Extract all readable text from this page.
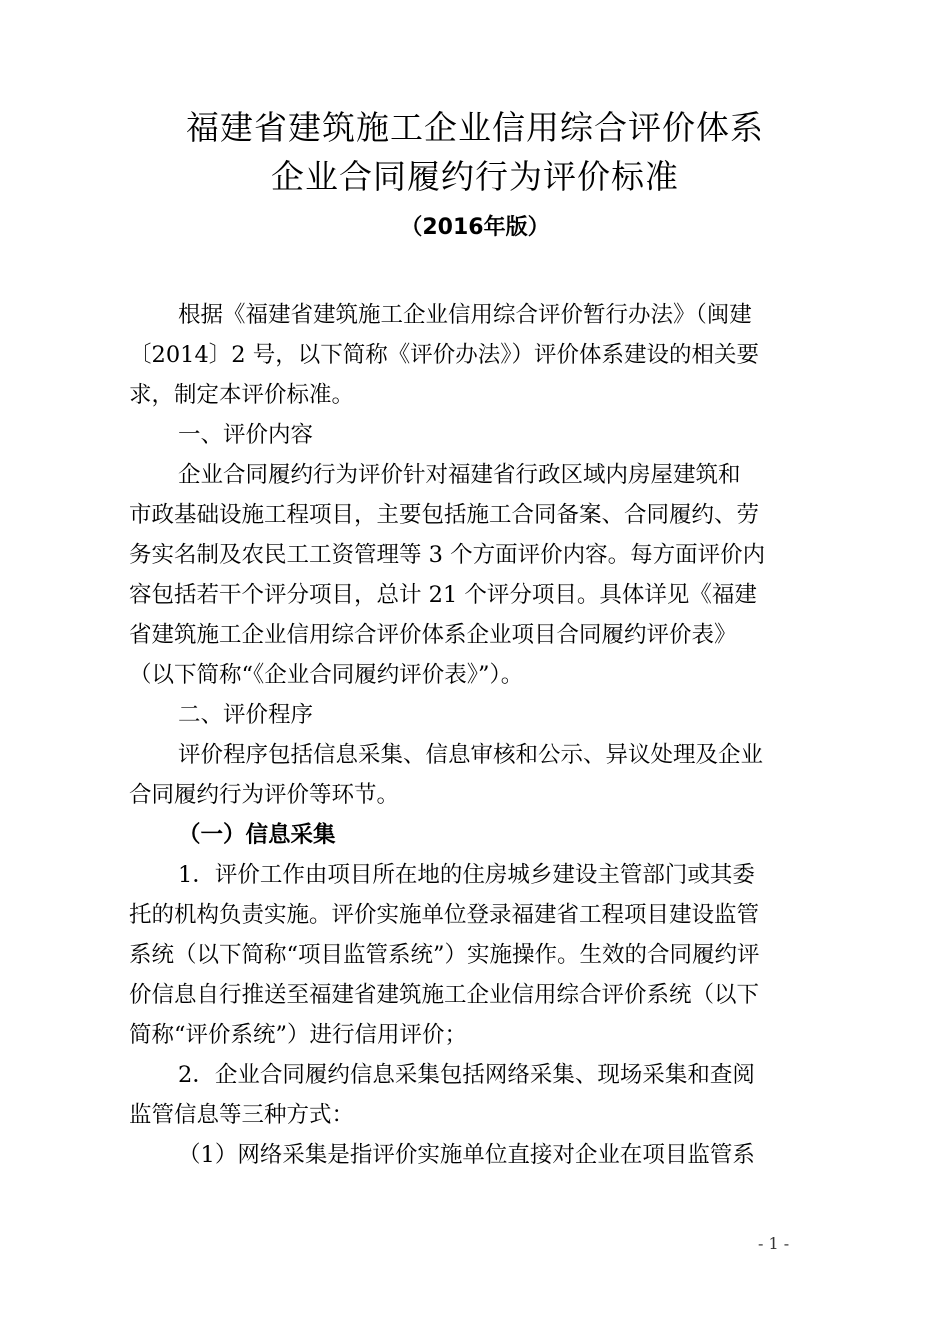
福建省建筑施工企业信用综合评价体系
企业合同履约行为评价标准
（2016年版）
根据《福建省建筑施工企业信用综合评价暂行办法》（闽建
〔2014〕2 号，以下简称《评价办法》）评价体系建设的相关要
求，制定本评价标准。
一、评价内容
企业合同履约行为评价针对福建省行政区域内房屋建筑和
市政基础设施工程项目，主要包括施工合同备案、合同履约、劳
务实名制及农民工工资管理等 3 个方面评价内容。每方面评价内
容包括若干个评分项目，总计 21 个评分项目。具体详见《福建
省建筑施工企业信用综合评价体系企业项目合同履约评价表》
（以下简称“《企业合同履约评价表》”）。
二、评价程序
评价程序包括信息采集、信息审核和公示、异议处理及企业
合同履约行为评价等环节。
（一）信息采集
1．评价工作由项目所在地的住房城乡建设主管部门或其委
托的机构负责实施。评价实施单位登录福建省工程项目建设监管
系统（以下简称“项目监管系统”）实施操作。生效的合同履约评
价信息自行推送至福建省建筑施工企业信用综合评价系统（以下
简称“评价系统”）进行信用评价；
2．企业合同履约信息采集包括网络采集、现场采集和查阅
监管信息等三种方式：
（1）网络采集是指评价实施单位直接对企业在项目监管系
- 1 -
